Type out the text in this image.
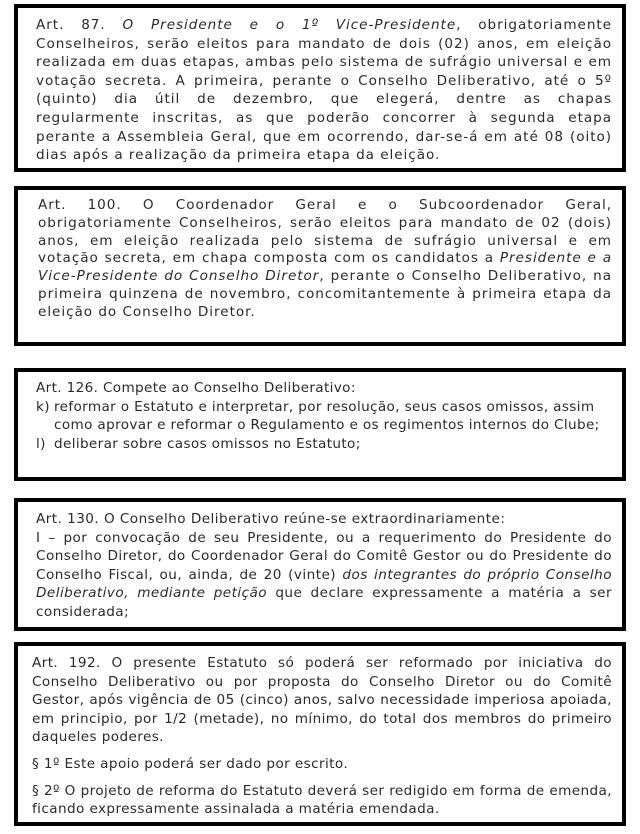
Art. 87. O Presidente e o 1º Vice-Presidente, obrigatoriamente Conselheiros, serão eleitos para mandato de dois (02) anos, em eleição realizada em duas etapas, ambas pelo sistema de sufrágio universal e em votação secreta. A primeira, perante o Conselho Deliberativo, até o 5º (quinto) dia útil de dezembro, que elegerá, dentre as chapas regularmente inscritas, as que poderão concorrer à segunda etapa perante a Assembleia Geral, que em ocorrendo, dar-se-á em até 08 (oito) dias após a realização da primeira etapa da eleição.

Art. 100. O Coordenador Geral e o Subcoordenador Geral, obrigatoriamente Conselheiros, serão eleitos para mandato de 02 (dois) anos, em eleição realizada pelo sistema de sufrágio universal e em votação secreta, em chapa composta com os candidatos a Presidente e a Vice-Presidente do Conselho Diretor, perante o Conselho Deliberativo, na primeira quinzena de novembro, concomitantemente à primeira etapa da eleição do Conselho Diretor.

Art. 126. Compete ao Conselho Deliberativo:

k) reformar o Estatuto e interpretar, por resolução, seus casos omissos, assim como aprovar e reformar o Regulamento e os regimentos internos do Clube;
l) deliberar sobre casos omissos no Estatuto;

Art. 130. O Conselho Deliberativo reúne-se extraordinariamente:

I – por convocação de seu Presidente, ou a requerimento do Presidente do Conselho Diretor, do Coordenador Geral do Comitê Gestor ou do Presidente do Conselho Fiscal, ou, ainda, de 20 (vinte) dos integrantes do próprio Conselho Deliberativo, mediante petição que declare expressamente a matéria a ser considerada;

Art. 192. O presente Estatuto só poderá ser reformado por iniciativa do Conselho Deliberativo ou por proposta do Conselho Diretor ou do Comitê Gestor, após vigência de 05 (cinco) anos, salvo necessidade imperiosa apoiada, em principio, por 1/2 (metade), no mínimo, do total dos membros do primeiro daqueles poderes.

§ 1º Este apoio poderá ser dado por escrito.

§ 2º O projeto de reforma do Estatuto deverá ser redigido em forma de emenda, ficando expressamente assinalada a matéria emendada.
